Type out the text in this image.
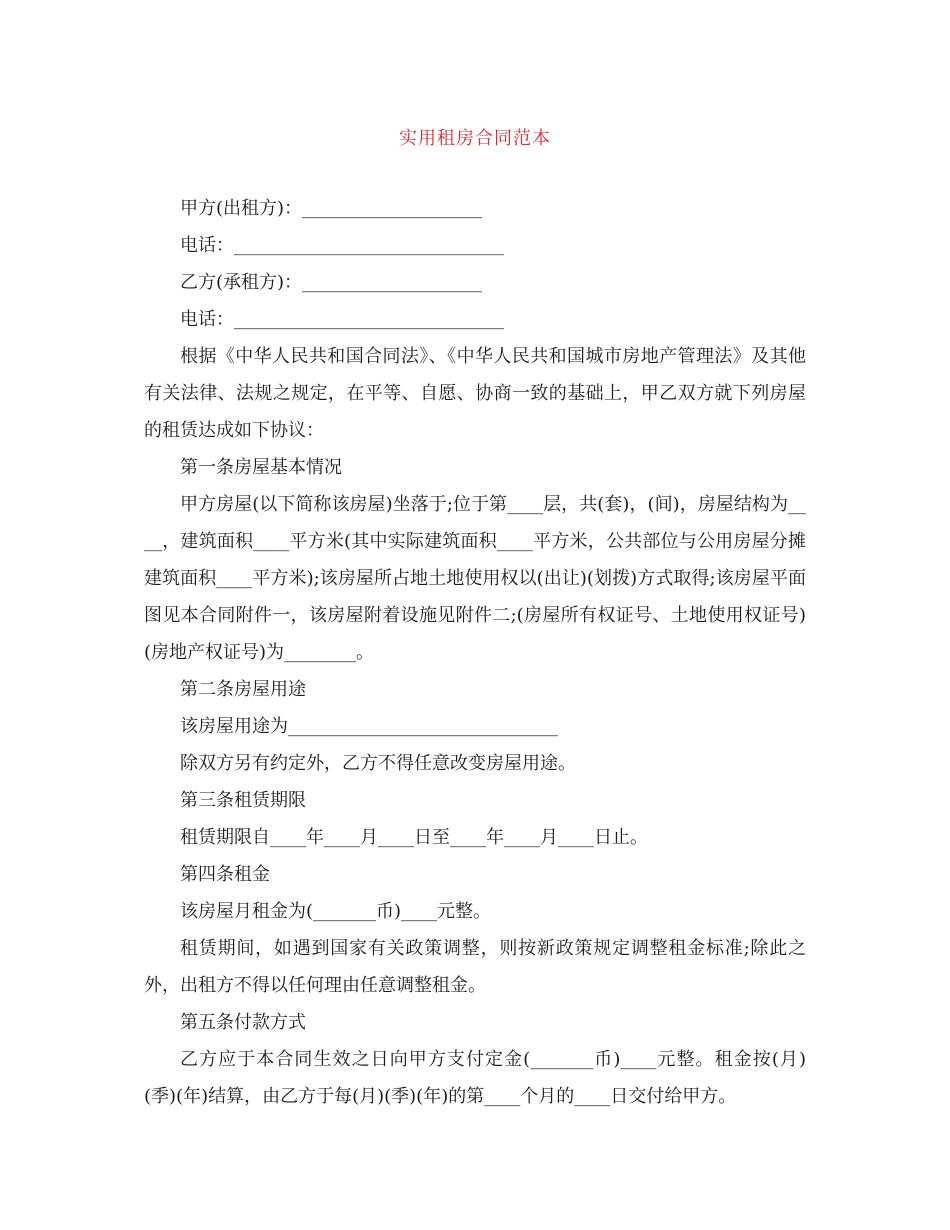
实用租房合同范本

甲方(出租方)：____________________

电话：______________________________

乙方(承租方)：____________________

电话：______________________________

根据《中华人民共和国合同法》、《中华人民共和国城市房地产管理法》及其他有关法律、法规之规定，在平等、自愿、协商一致的基础上，甲乙双方就下列房屋的租赁达成如下协议：

第一条房屋基本情况

甲方房屋(以下简称该房屋)坐落于;位于第____层，共(套)，(间)，房屋结构为____，建筑面积____平方米(其中实际建筑面积____平方米，公共部位与公用房屋分摊建筑面积____平方米);该房屋所占地土地使用权以(出让)(划拨)方式取得;该房屋平面图见本合同附件一，该房屋附着设施见附件二;(房屋所有权证号、土地使用权证号)(房地产权证号)为________。

第二条房屋用途

该房屋用途为______________________________

除双方另有约定外，乙方不得任意改变房屋用途。

第三条租赁期限

租赁期限自____年____月____日至____年____月____日止。

第四条租金

该房屋月租金为(_______币)____元整。

租赁期间，如遇到国家有关政策调整，则按新政策规定调整租金标准;除此之外，出租方不得以任何理由任意调整租金。

第五条付款方式

乙方应于本合同生效之日向甲方支付定金(_______币)____元整。租金按(月)(季)(年)结算，由乙方于每(月)(季)(年)的第____个月的____日交付给甲方。
